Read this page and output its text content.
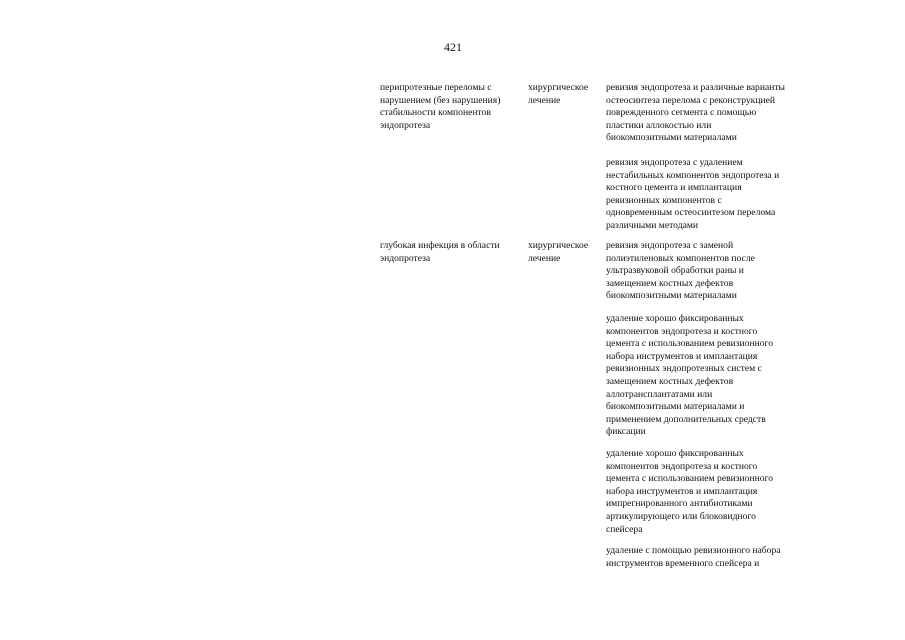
421
перипротезные переломы с
нарушением (без нарушения)
стабильности компонентов
эндопротеза
хирургическое
лечение
ревизия эндопротеза и различные варианты
остеосинтеза перелома с реконструкцией
поврежденного сегмента с помощью
пластики аллокостью или
биокомпозитными материалами
ревизия эндопротеза с удалением
нестабильных компонентов эндопротеза и
костного цемента и имплантация
ревизионных компонентов с
одновременным остеосинтезом перелома
различными методами
глубокая инфекция в области
эндопротеза
хирургическое
лечение
ревизия эндопротеза с заменой
полиэтиленовых компонентов после
ультразвуковой обработки раны и
замещением костных дефектов
биокомпозитными материалами
удаление хорошо фиксированных
компонентов эндопротеза и костного
цемента с использованием ревизионного
набора инструментов и имплантация
ревизионных эндопротезных систем с
замещением костных дефектов
аллотрансплантатами или
биокомпозитными материалами и
применением дополнительных средств
фиксации
удаление хорошо фиксированных
компонентов эндопротеза и костного
цемента с использованием ревизионного
набора инструментов и имплантация
импрегнированного антибиотиками
артикулирующего или блоковидного
спейсера
удаление с помощью ревизионного набора
инструментов временного спейсера и
